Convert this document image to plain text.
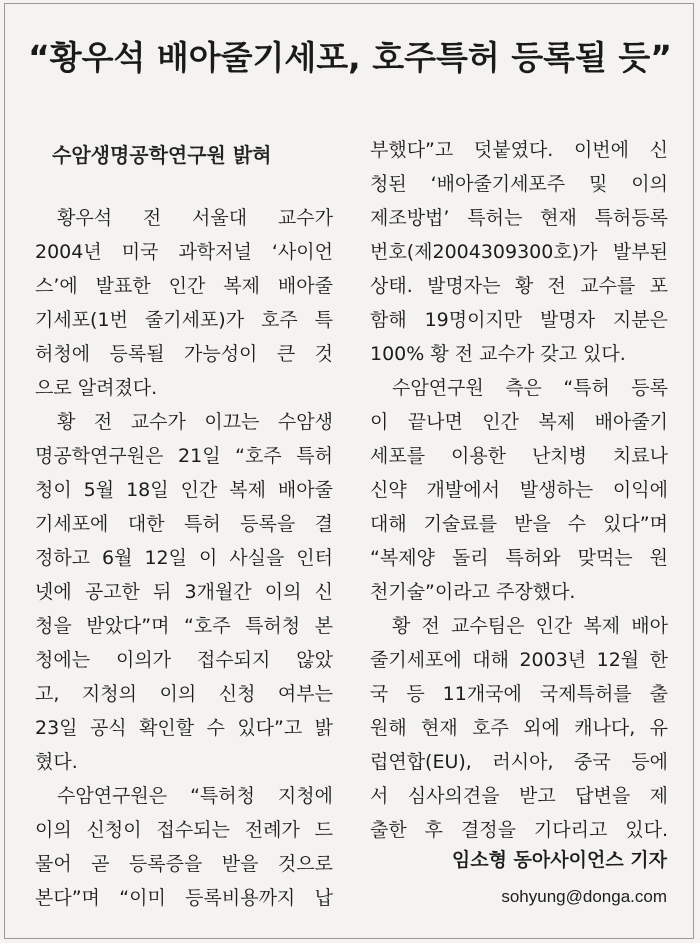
“황우석 배아줄기세포, 호주특허 등록될 듯”
수암생명공학연구원 밝혀
황우석 전 서울대 교수가
2004년 미국 과학저널 ‘사이언
스’에 발표한 인간 복제 배아줄
기세포(1번 줄기세포)가 호주 특
허청에 등록될 가능성이 큰 것
으로 알려졌다.
황 전 교수가 이끄는 수암생
명공학연구원은 21일 “호주 특허
청이 5월 18일 인간 복제 배아줄
기세포에 대한 특허 등록을 결
정하고 6월 12일 이 사실을 인터
넷에 공고한 뒤 3개월간 이의 신
청을 받았다”며 “호주 특허청 본
청에는 이의가 접수되지 않았
고, 지청의 이의 신청 여부는
23일 공식 확인할 수 있다”고 밝
혔다.
수암연구원은 “특허청 지청에
이의 신청이 접수되는 전례가 드
물어 곧 등록증을 받을 것으로
본다”며 “이미 등록비용까지 납
부했다”고 덧붙였다. 이번에 신
청된 ‘배아줄기세포주 및 이의
제조방법’ 특허는 현재 특허등록
번호(제2004309300호)가 발부된
상태. 발명자는 황 전 교수를 포
함해 19명이지만 발명자 지분은
100% 황 전 교수가 갖고 있다.
수암연구원 측은 “특허 등록
이 끝나면 인간 복제 배아줄기
세포를 이용한 난치병 치료나
신약 개발에서 발생하는 이익에
대해 기술료를 받을 수 있다”며
“복제양 돌리 특허와 맞먹는 원
천기술”이라고 주장했다.
황 전 교수팀은 인간 복제 배아
줄기세포에 대해 2003년 12월 한
국 등 11개국에 국제특허를 출
원해 현재 호주 외에 캐나다, 유
럽연합(EU), 러시아, 중국 등에
서 심사의견을 받고 답변을 제
출한 후 결정을 기다리고 있다.
임소형 동아사이언스 기자
sohyung@donga.com
